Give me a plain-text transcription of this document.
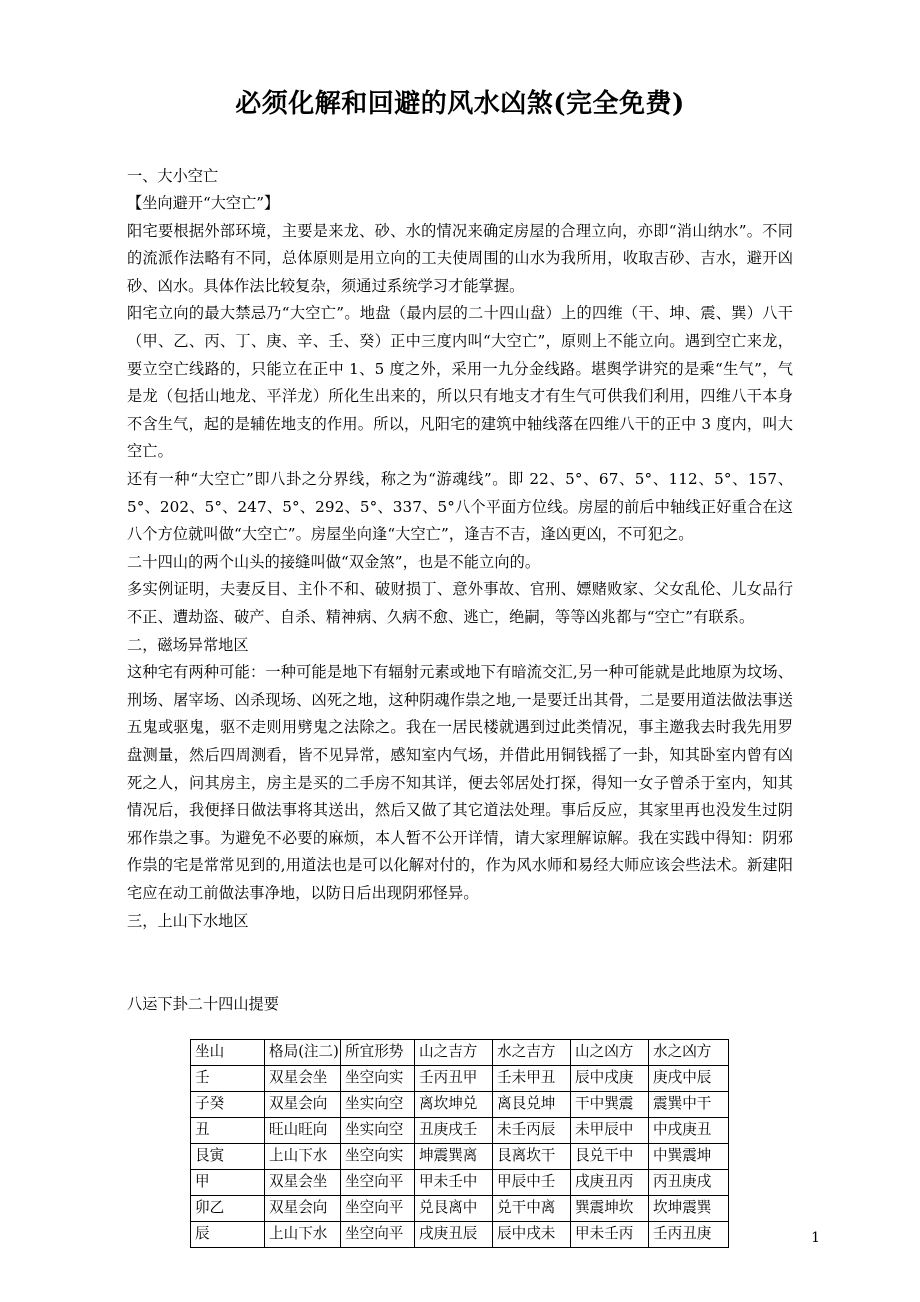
必须化解和回避的风水凶煞(完全免费)

一、大小空亡

【坐向避开“大空亡”】

阳宅要根据外部环境，主要是来龙、砂、水的情况来确定房屋的合理立向，亦即“消山纳水”。不同的流派作法略有不同，总体原则是用立向的工夫使周围的山水为我所用，收取吉砂、吉水，避开凶砂、凶水。具体作法比较复杂，须通过系统学习才能掌握。

阳宅立向的最大禁忌乃“大空亡”。地盘（最内层的二十四山盘）上的四维（干、坤、震、巽）八干（甲、乙、丙、丁、庚、辛、壬、癸）正中三度内叫“大空亡”，原则上不能立向。遇到空亡来龙，要立空亡线路的，只能立在正中 1、5 度之外，采用一九分金线路。堪舆学讲究的是乘“生气”，气是龙（包括山地龙、平洋龙）所化生出来的，所以只有地支才有生气可供我们利用，四维八干本身不含生气，起的是辅佐地支的作用。所以，凡阳宅的建筑中轴线落在四维八干的正中 3 度内，叫大空亡。

还有一种“大空亡”即八卦之分界线，称之为“游魂线”。即 22、5°、67、5°、112、5°、157、5°、202、5°、247、5°、292、5°、337、5°八个平面方位线。房屋的前后中轴线正好重合在这八个方位就叫做“大空亡”。房屋坐向逢“大空亡”，逢吉不吉，逢凶更凶，不可犯之。

二十四山的两个山头的接缝叫做“双金煞”，也是不能立向的。

多实例证明，夫妻反目、主仆不和、破财损丁、意外事故、官刑、嫖赌败家、父女乱伦、儿女品行不正、遭劫盗、破产、自杀、精神病、久病不愈、逃亡，绝嗣，等等凶兆都与“空亡”有联系。

二，磁场异常地区

这种宅有两种可能：一种可能是地下有辐射元素或地下有暗流交汇,另一种可能就是此地原为坟场、刑场、屠宰场、凶杀现场、凶死之地，这种阴魂作祟之地,一是要迁出其骨，二是要用道法做法事送五鬼或驱鬼，驱不走则用劈鬼之法除之。我在一居民楼就遇到过此类情况，事主邀我去时我先用罗盘测量，然后四周测看，皆不见异常，感知室内气场，并借此用铜钱摇了一卦，知其卧室内曾有凶死之人，问其房主，房主是买的二手房不知其详，便去邻居处打探，得知一女子曾杀于室内，知其情况后，我便择日做法事将其送出，然后又做了其它道法处理。事后反应，其家里再也没发生过阴邪作祟之事。为避免不必要的麻烦，本人暂不公开详情，请大家理解谅解。我在实践中得知：阴邪作祟的宅是常常见到的,用道法也是可以化解对付的，作为风水师和易经大师应该会些法术。新建阳宅应在动工前做法事净地，以防日后出现阴邪怪异。

三，上山下水地区

八运下卦二十四山提要

坐山	格局(注二)	所宜形势	山之吉方	水之吉方	山之凶方	水之凶方
壬	双星会坐	坐空向实	壬丙丑甲	壬未甲丑	辰中戌庚	庚戌中辰
子癸	双星会向	坐实向空	离坎坤兑	离艮兑坤	干中巽震	震巽中干
丑	旺山旺向	坐实向空	丑庚戌壬	未壬丙辰	未甲辰中	中戌庚丑
艮寅	上山下水	坐空向实	坤震巽离	艮离坎干	艮兑干中	中巽震坤
甲	双星会坐	坐空向平	甲未壬中	甲辰中壬	戌庚丑丙	丙丑庚戌
卯乙	双星会向	坐空向平	兑艮离中	兑干中离	巽震坤坎	坎坤震巽
辰	上山下水	坐空向平	戌庚丑辰	辰中戌未	甲未壬丙	壬丙丑庚	1
